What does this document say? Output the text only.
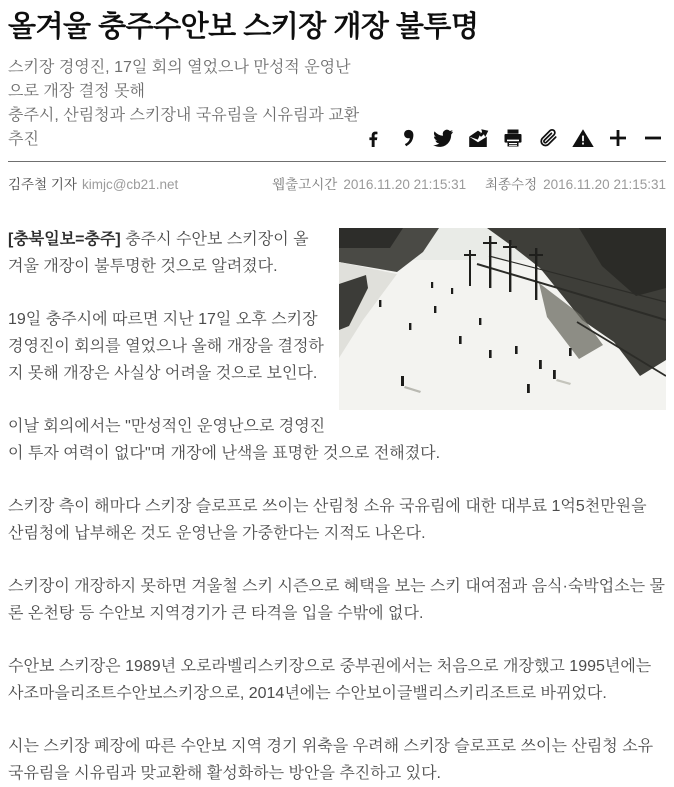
올겨울 충주수안보 스키장 개장 불투명
스키장 경영진, 17일 회의 열었으나 만성적 운영난으로 개장 결정 못해
충주시, 산림청과 스키장내 국유림을 시유림과 교환 추진
김주철 기자 kimjc@cb21.net	웹출고시간 2016.11.20 21:15:31 최종수정 2016.11.20 21:15:31

[충북일보=충주] 충주시 수안보 스키장이 올 겨울 개장이 불투명한 것으로 알려졌다.

19일 충주시에 따르면 지난 17일 오후 스키장 경영진이 회의를 열었으나 올해 개장을 결정하지 못해 개장은 사실상 어려울 것으로 보인다.

이날 회의에서는 "만성적인 운영난으로 경영진이 투자 여력이 없다"며 개장에 난색을 표명한 것으로 전해졌다.

스키장 측이 해마다 스키장 슬로프로 쓰이는 산림청 소유 국유림에 대한 대부료 1억5천만원을 산림청에 납부해온 것도 운영난을 가중한다는 지적도 나온다.

스키장이 개장하지 못하면 겨울철 스키 시즌으로 혜택을 보는 스키 대여점과 음식·숙박업소는 물론 온천탕 등 수안보 지역경기가 큰 타격을 입을 수밖에 없다.

수안보 스키장은 1989년 오로라벨리스키장으로 중부권에서는 처음으로 개장했고 1995년에는 사조마을리조트수안보스키장으로, 2014년에는 수안보이글밸리스키리조트로 바뀌었다.

시는 스키장 폐장에 따른 수안보 지역 경기 위축을 우려해 스키장 슬로프로 쓰이는 산림청 소유 국유림을 시유림과 맞교환해 활성화하는 방안을 추진하고 있다.
